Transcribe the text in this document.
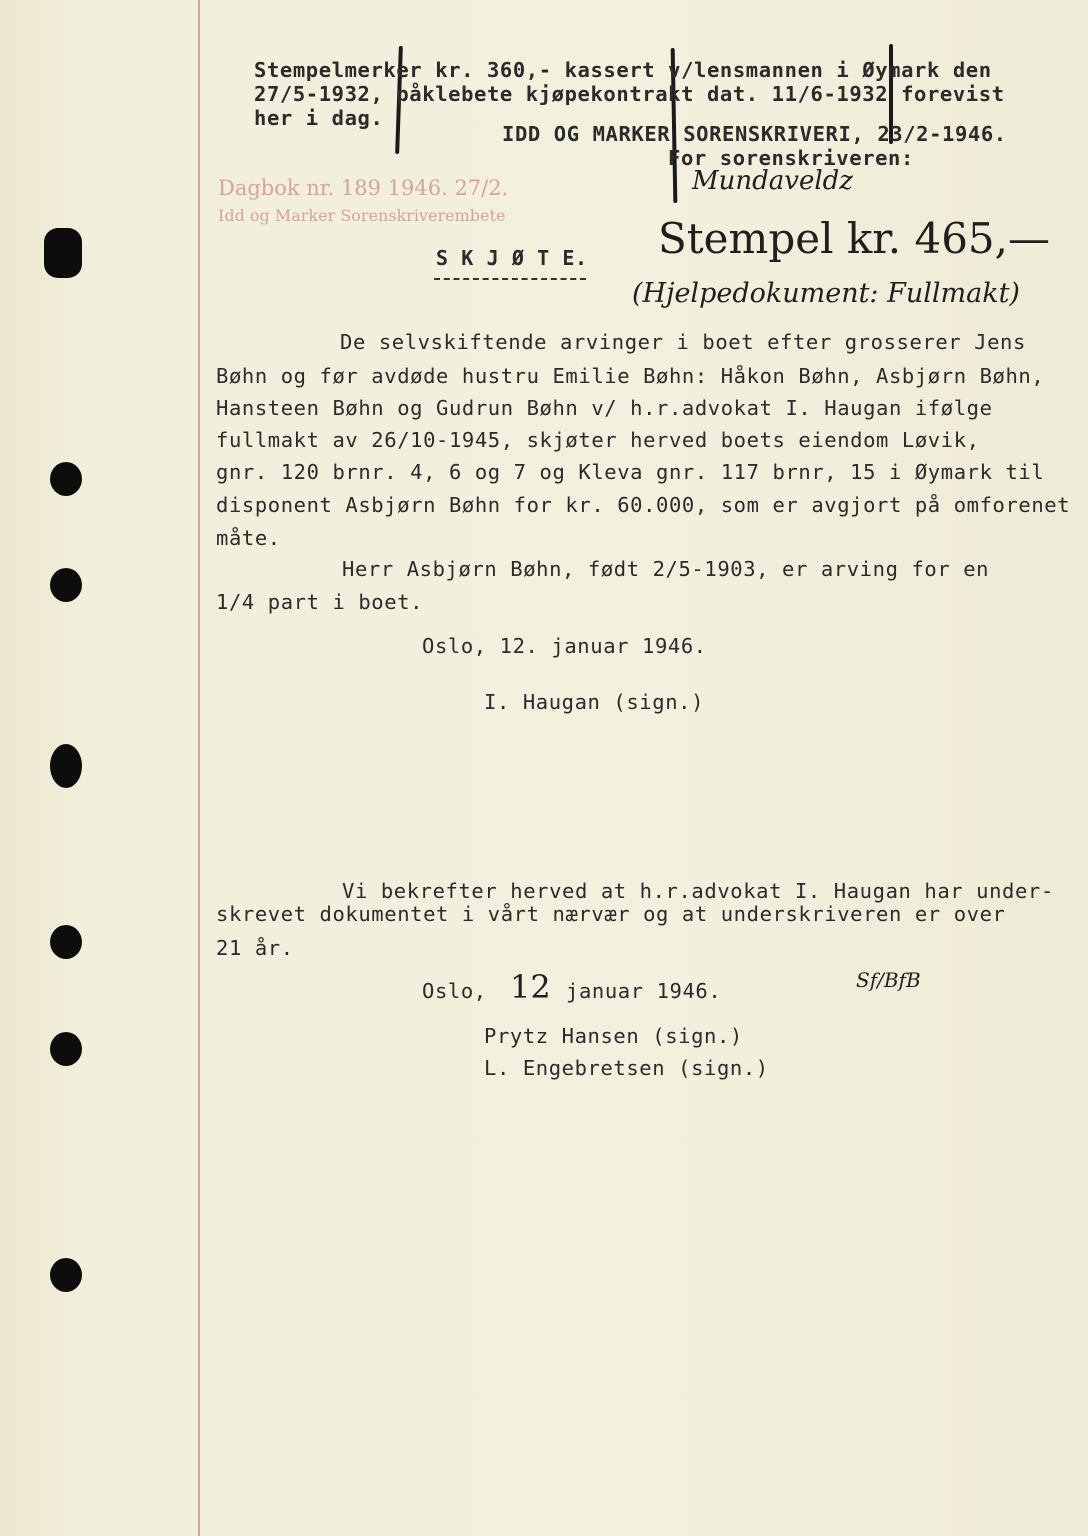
Stempelmerker kr. 360,- kassert v/lensmannen i Øymark den
27/5-1932, påklebete kjøpekontrakt dat. 11/6-1932 forevist
her i dag.
IDD OG MARKER SORENSKRIVERI, 23/2-1946.
For sorenskriveren:
Mundaveldz
Dagbok nr. 189 1946. 27/2.
Idd og Marker Sorenskriverembete
S K J Ø T E. Stempel kr. 465,—
(Hjelpedokument: Fullmakt)
De selvskiftende arvinger i boet efter grosserer Jens
Bøhn og før avdøde hustru Emilie Bøhn: Håkon Bøhn, Asbjørn Bøhn,
Hansteen Bøhn og Gudrun Bøhn v/ h.r.advokat I. Haugan ifølge
fullmakt av 26/10-1945, skjøter herved boets eiendom Løvik,
gnr. 120 brnr. 4, 6 og 7 og Kleva gnr. 117 brnr, 15 i Øymark til
disponent Asbjørn Bøhn for kr. 60.000, som er avgjort på omforenet
måte.
Herr Asbjørn Bøhn, født 2/5-1903, er arving for en
1/4 part i boet.
Oslo, 12. januar 1946.
I. Haugan (sign.)
Vi bekrefter herved at h.r.advokat I. Haugan har under-
skrevet dokumentet i vårt nærvær og at underskriveren er over
21 år.
Oslo, 12 januar 1946.	Sf/BfB
Prytz Hansen (sign.)
L. Engebretsen (sign.)
